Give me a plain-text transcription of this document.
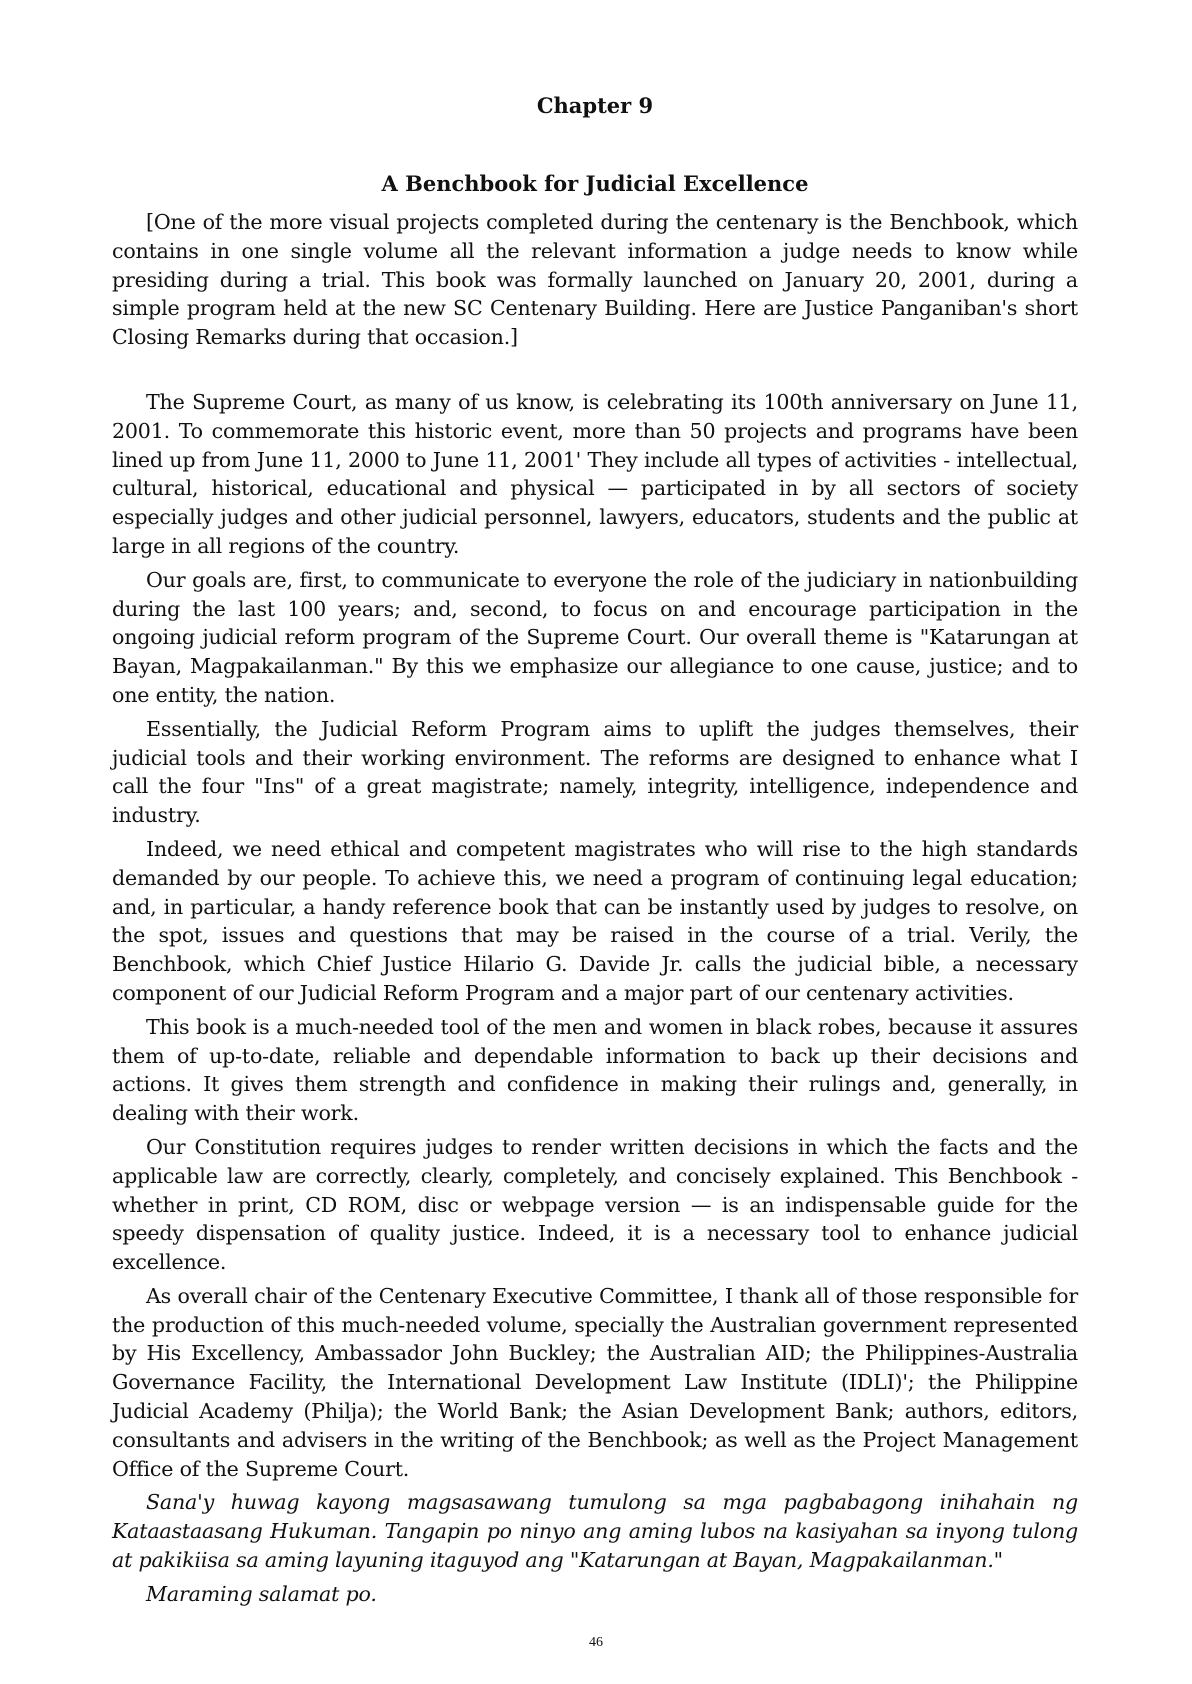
Chapter 9
A Benchbook for Judicial Excellence

[One of the more visual projects completed during the centenary is the Benchbook, which contains in one single volume all the relevant information a judge needs to know while presiding during a trial. This book was formally launched on January 20, 2001, during a simple program held at the new SC Centenary Building. Here are Justice Panganiban's short Closing Remarks during that occasion.]

The Supreme Court, as many of us know, is celebrating its 100th anniversary on June 11, 2001. To commemorate this historic event, more than 50 projects and programs have been lined up from June 11, 2000 to June 11, 2001' They include all types of activities - intellectual, cultural, historical, educational and physical — participated in by all sectors of society especially judges and other judicial personnel, lawyers, educators, students and the public at large in all regions of the country.

Our goals are, first, to communicate to everyone the role of the judiciary in nationbuilding during the last 100 years; and, second, to focus on and encourage participation in the ongoing judicial reform program of the Supreme Court. Our overall theme is "Katarungan at Bayan, Magpakailanman." By this we emphasize our allegiance to one cause, justice; and to one entity, the nation.

Essentially, the Judicial Reform Program aims to uplift the judges themselves, their judicial tools and their working environment. The reforms are designed to enhance what I call the four "Ins" of a great magistrate; namely, integrity, intelligence, independence and industry.

Indeed, we need ethical and competent magistrates who will rise to the high standards demanded by our people. To achieve this, we need a program of continuing legal education; and, in particular, a handy reference book that can be instantly used by judges to resolve, on the spot, issues and questions that may be raised in the course of a trial. Verily, the Benchbook, which Chief Justice Hilario G. Davide Jr. calls the judicial bible, a necessary component of our Judicial Reform Program and a major part of our centenary activities.

This book is a much-needed tool of the men and women in black robes, because it assures them of up-to-date, reliable and dependable information to back up their decisions and actions. It gives them strength and confidence in making their rulings and, generally, in dealing with their work.

Our Constitution requires judges to render written decisions in which the facts and the applicable law are correctly, clearly, completely, and concisely explained. This Benchbook - whether in print, CD ROM, disc or webpage version — is an indispensable guide for the speedy dispensation of quality justice. Indeed, it is a necessary tool to enhance judicial excellence.

As overall chair of the Centenary Executive Committee, I thank all of those responsible for the production of this much-needed volume, specially the Australian government represented by His Excellency, Ambassador John Buckley; the Australian AID; the Philippines-Australia Governance Facility, the International Development Law Institute (IDLI)'; the Philippine Judicial Academy (Philja); the World Bank; the Asian Development Bank; authors, editors, consultants and advisers in the writing of the Benchbook; as well as the Project Management Office of the Supreme Court.

Sana'y huwag kayong magsasawang tumulong sa mga pagbabagong inihahain ng Kataastaasang Hukuman. Tangapin po ninyo ang aming lubos na kasiyahan sa inyong tulong at pakikiisa sa aming layuning itaguyod ang "Katarungan at Bayan, Magpakailanman."

Maraming salamat po.

46
